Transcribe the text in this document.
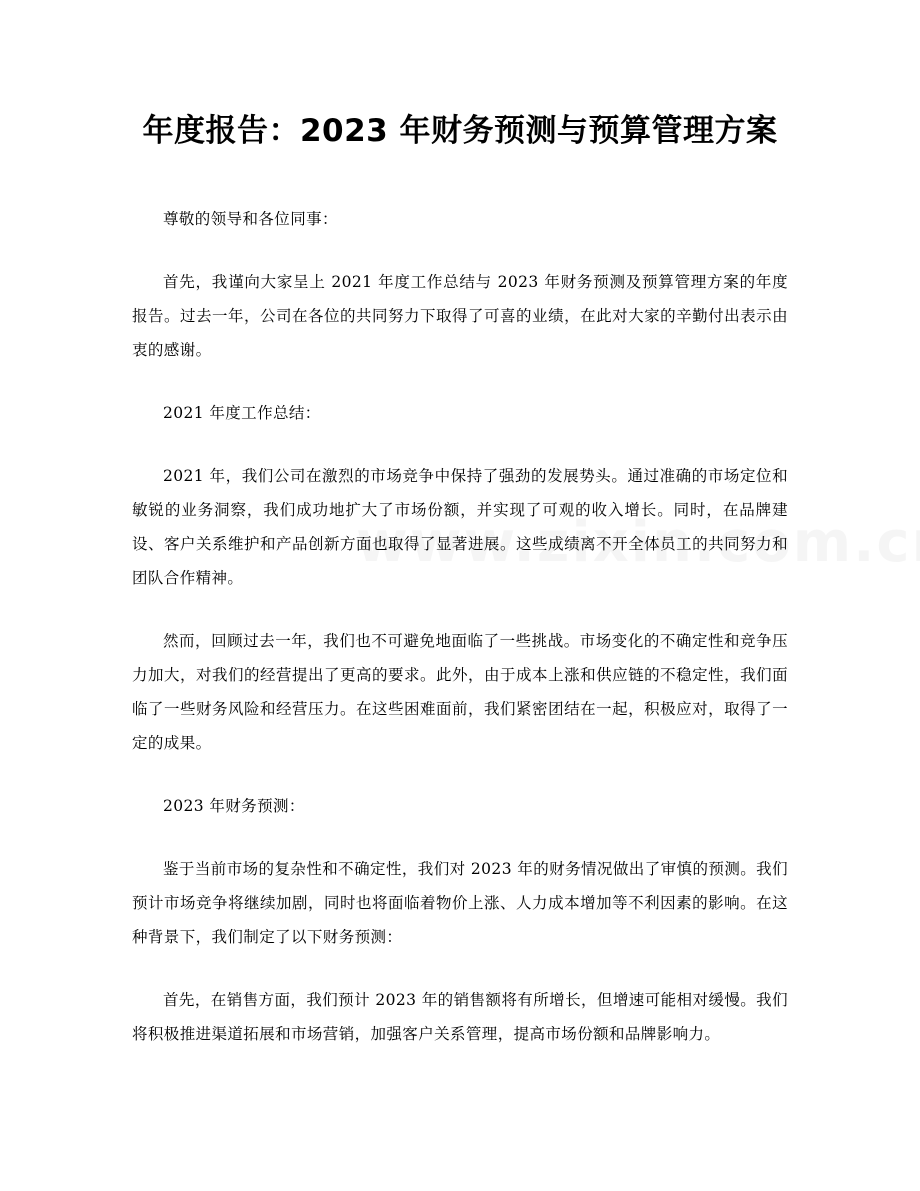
年度报告：2023 年财务预测与预算管理方案

尊敬的领导和各位同事：

首先，我谨向大家呈上 2021 年度工作总结与 2023 年财务预测及预算管理方案的年度报告。过去一年，公司在各位的共同努力下取得了可喜的业绩，在此对大家的辛勤付出表示由衷的感谢。

2021 年度工作总结：

2021 年，我们公司在激烈的市场竞争中保持了强劲的发展势头。通过准确的市场定位和敏锐的业务洞察，我们成功地扩大了市场份额，并实现了可观的收入增长。同时，在品牌建设、客户关系维护和产品创新方面也取得了显著进展。这些成绩离不开全体员工的共同努力和团队合作精神。

然而，回顾过去一年，我们也不可避免地面临了一些挑战。市场变化的不确定性和竞争压力加大，对我们的经营提出了更高的要求。此外，由于成本上涨和供应链的不稳定性，我们面临了一些财务风险和经营压力。在这些困难面前，我们紧密团结在一起，积极应对，取得了一定的成果。

2023 年财务预测：

鉴于当前市场的复杂性和不确定性，我们对 2023 年的财务情况做出了审慎的预测。我们预计市场竞争将继续加剧，同时也将面临着物价上涨、人力成本增加等不利因素的影响。在这种背景下，我们制定了以下财务预测：

首先，在销售方面，我们预计 2023 年的销售额将有所增长，但增速可能相对缓慢。我们将积极推进渠道拓展和市场营销，加强客户关系管理，提高市场份额和品牌影响力。
